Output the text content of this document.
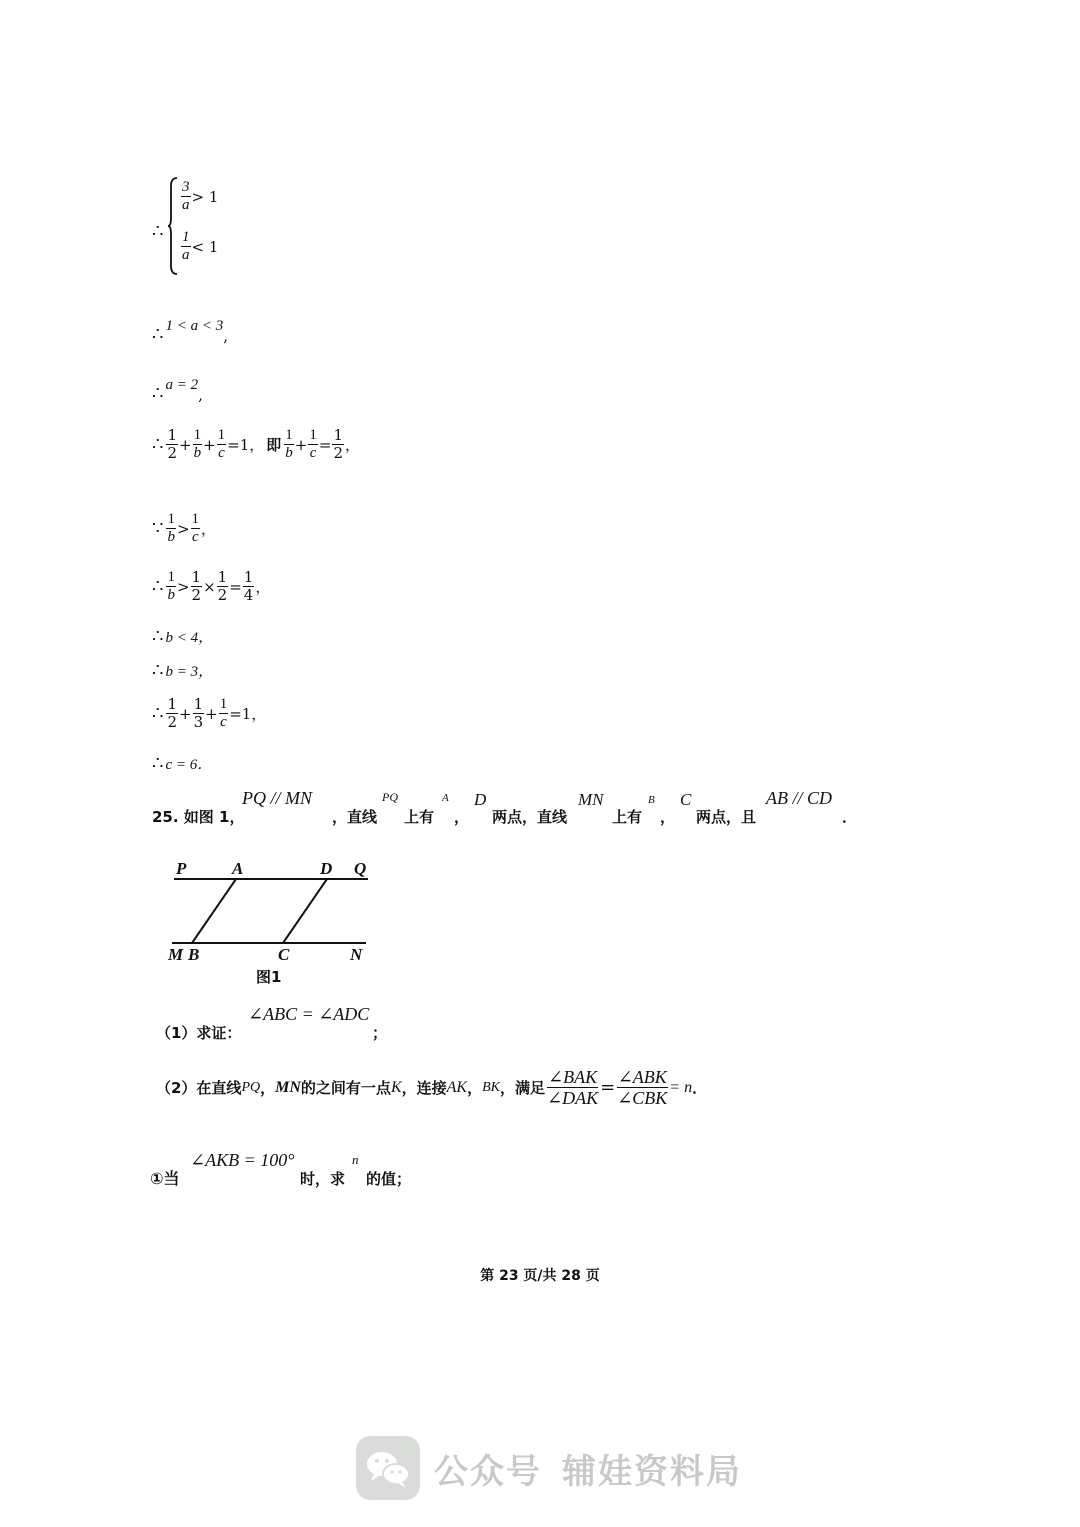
∴
$\frac{3}{a} > 1$
$\frac{1}{a} < 1$
∴ 1 < a < 3
,
∴ a = 2
,
∴ $\frac{1}{2} + \frac{1}{b} + \frac{1}{c} =1$， 即 $\frac{1}{b} + \frac{1}{c} = \frac{1}{2}$ ，
∵ $\frac{1}{b} > \frac{1}{c}$ ，
∴ $\frac{1}{b} > \frac{1}{2} \times \frac{1}{2} = \frac{1}{4}$ ，
∴ b < 4，
∴ b = 3，
∴ $\frac{1}{2} + \frac{1}{3} + \frac{1}{c} =1$，
∴ c = 6．
25. 如图 1，
PQ // MN
，直线
PQ
上有
A
，
D
两点，直线
MN
上有
B
，
C
两点，且
AB // CD
．
P	A	D Q
M B	C	N
图1
（1）求证：
∠ABC = ∠ADC
；
（2）在直线 PQ ， MN 的之间有一点 K ，连接 AK ， BK ，满足 $\frac{\text{∠BAK}}{\text{∠DAK}} = \frac{\text{∠ABK}}{\text{∠CBK}} = n$ ．
①当
∠AKB = 100°
时，求
n
的值；
第 23 页/共 28 页
公众号 辅娃资料局
